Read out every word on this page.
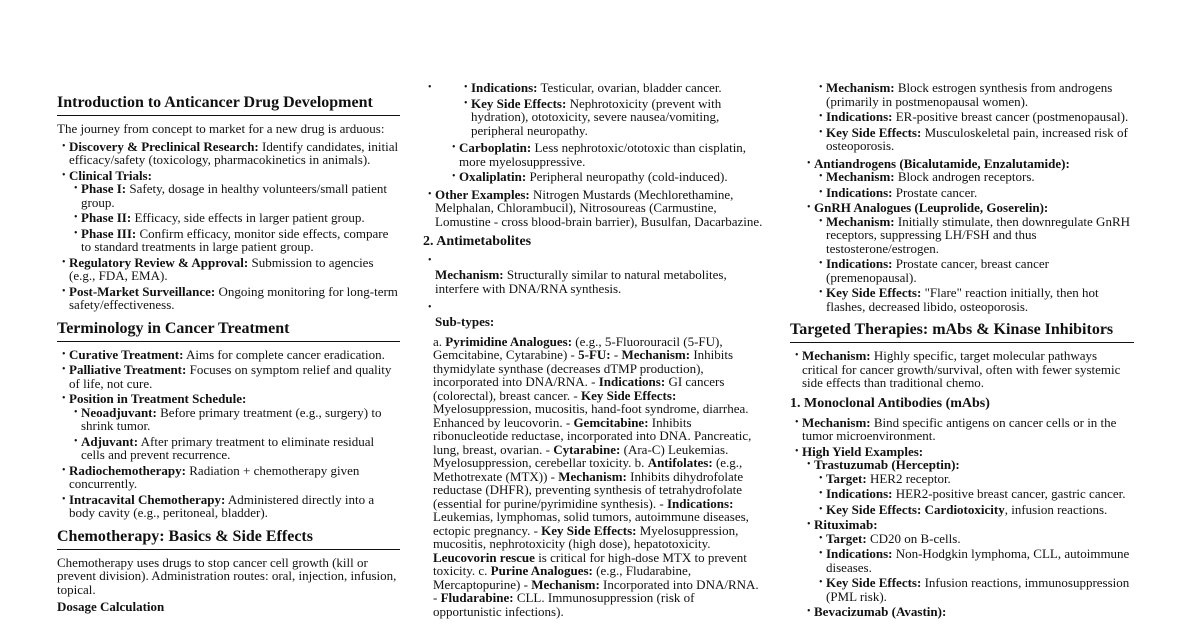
Introduction to Anticancer Drug Development

The journey from concept to market for a new drug is arduous:

• Discovery & Preclinical Research: Identify candidates, initial efficacy/safety (toxicology, pharmacokinetics in animals).
• Clinical Trials:
• Phase I: Safety, dosage in healthy volunteers/small patient group.
• Phase II: Efficacy, side effects in larger patient group.
• Phase III: Confirm efficacy, monitor side effects, compare to standard treatments in large patient group.
• Regulatory Review & Approval: Submission to agencies (e.g., FDA, EMA).
• Post-Market Surveillance: Ongoing monitoring for long-term safety/effectiveness.
Terminology in Cancer Treatment
• Curative Treatment: Aims for complete cancer eradication.
• Palliative Treatment: Focuses on symptom relief and quality of life, not cure.
• Position in Treatment Schedule:
• Neoadjuvant: Before primary treatment (e.g., surgery) to shrink tumor.
• Adjuvant: After primary treatment to eliminate residual cells and prevent recurrence.
• Radiochemotherapy: Radiation + chemotherapy given concurrently.
• Intracavital Chemotherapy: Administered directly into a body cavity (e.g., peritoneal, bladder).
Chemotherapy: Basics & Side Effects

Chemotherapy uses drugs to stop cancer cell growth (kill or prevent division). Administration routes: oral, injection, infusion, topical.

Dosage Calculation

• • Indications: Testicular, ovarian, bladder cancer.
• Key Side Effects: Nephrotoxicity (prevent with hydration), ototoxicity, severe nausea/vomiting, peripheral neuropathy.
• Carboplatin: Less nephrotoxic/ototoxic than cisplatin, more myelosuppressive.
• Oxaliplatin: Peripheral neuropathy (cold-induced).
• Other Examples: Nitrogen Mustards (Mechlorethamine, Melphalan, Chlorambucil), Nitrosoureas (Carmustine, Lomustine - cross blood-brain barrier), Busulfan, Dacarbazine.
2. Antimetabolites
• Mechanism: Structurally similar to natural metabolites, interfere with DNA/RNA synthesis.
• Sub-types:

a. Pyrimidine Analogues: (e.g., 5-Fluorouracil (5-FU), Gemcitabine, Cytarabine) - 5-FU: - Mechanism: Inhibits thymidylate synthase (decreases dTMP production), incorporated into DNA/RNA. - Indications: GI cancers (colorectal), breast cancer. - Key Side Effects: Myelosuppression, mucositis, hand-foot syndrome, diarrhea. Enhanced by leucovorin. - Gemcitabine: Inhibits ribonucleotide reductase, incorporated into DNA. Pancreatic, lung, breast, ovarian. - Cytarabine: (Ara-C) Leukemias. Myelosuppression, cerebellar toxicity. b. Antifolates: (e.g., Methotrexate (MTX)) - Mechanism: Inhibits dihydrofolate reductase (DHFR), preventing synthesis of tetrahydrofolate (essential for purine/pyrimidine synthesis). - Indications: Leukemias, lymphomas, solid tumors, autoimmune diseases, ectopic pregnancy. - Key Side Effects: Myelosuppression, mucositis, nephrotoxicity (high dose), hepatotoxicity. Leucovorin rescue is critical for high-dose MTX to prevent toxicity. c. Purine Analogues: (e.g., Fludarabine, Mercaptopurine) - Mechanism: Incorporated into DNA/RNA. - Fludarabine: CLL. Immunosuppression (risk of opportunistic infections).

• Mechanism: Block estrogen synthesis from androgens (primarily in postmenopausal women).
• Indications: ER-positive breast cancer (postmenopausal).
• Key Side Effects: Musculoskeletal pain, increased risk of osteoporosis.
• Antiandrogens (Bicalutamide, Enzalutamide):
• Mechanism: Block androgen receptors.
• Indications: Prostate cancer.
• GnRH Analogues (Leuprolide, Goserelin):
• Mechanism: Initially stimulate, then downregulate GnRH receptors, suppressing LH/FSH and thus testosterone/estrogen.
• Indications: Prostate cancer, breast cancer (premenopausal).
• Key Side Effects: "Flare" reaction initially, then hot flashes, decreased libido, osteoporosis.
Targeted Therapies: mAbs & Kinase Inhibitors
• Mechanism: Highly specific, target molecular pathways critical for cancer growth/survival, often with fewer systemic side effects than traditional chemo.
1. Monoclonal Antibodies (mAbs)
• Mechanism: Bind specific antigens on cancer cells or in the tumor microenvironment.
• High Yield Examples:
• Trastuzumab (Herceptin):
• Target: HER2 receptor.
• Indications: HER2-positive breast cancer, gastric cancer.
• Key Side Effects: Cardiotoxicity, infusion reactions.
• Rituximab:
• Target: CD20 on B-cells.
• Indications: Non-Hodgkin lymphoma, CLL, autoimmune diseases.
• Key Side Effects: Infusion reactions, immunosuppression (PML risk).
• Bevacizumab (Avastin):
